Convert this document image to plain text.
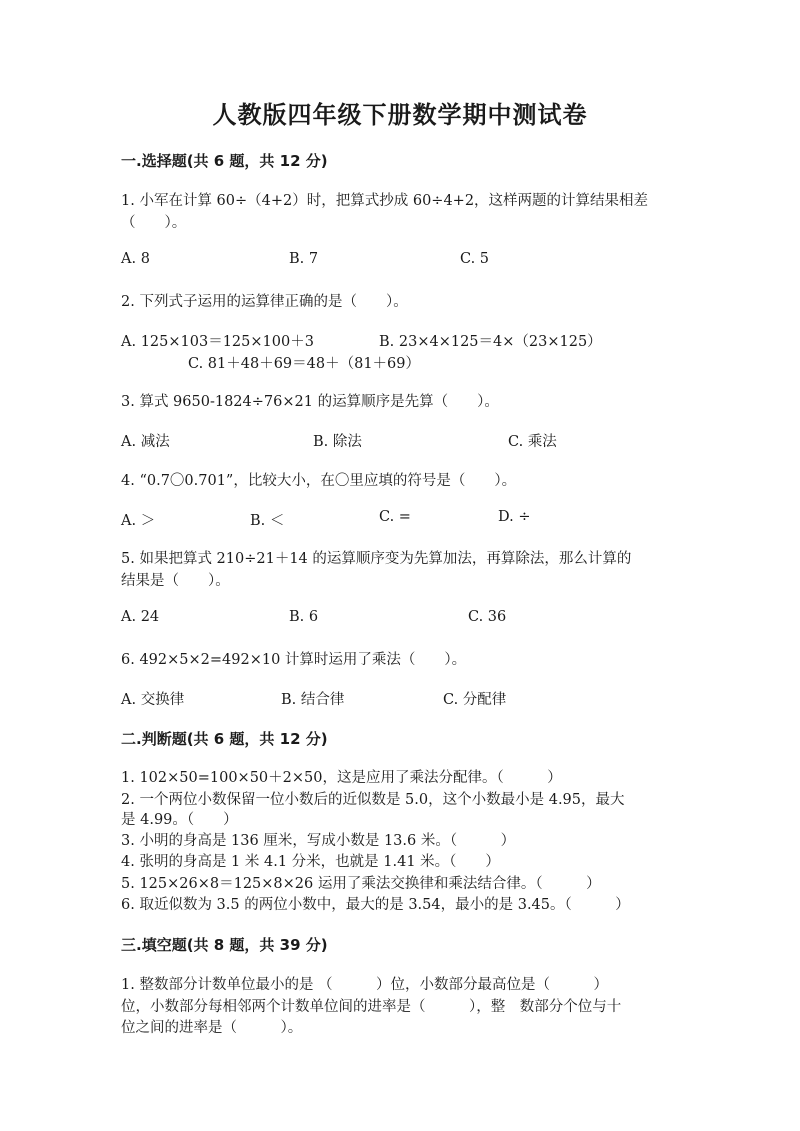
人教版四年级下册数学期中测试卷
一.选择题(共 6 题，共 12 分)
1. 小军在计算 60÷（4+2）时，把算式抄成 60÷4+2，这样两题的计算结果相差
（　　）。
A. 8	B. 7	C. 5
2. 下列式子运用的运算律正确的是（　　）。
A. 125×103＝125×100＋3	B. 23×4×125＝4×（23×125）
C. 81＋48＋69＝48＋（81＋69）
3. 算式 9650-1824÷76×21 的运算顺序是先算（　　）。
A. 减法	B. 除法	C. 乘法
4. “0.7〇0.701”，比较大小，在〇里应填的符号是（　　）。
A. ＞	B. ＜	C. =	D. ÷
5. 如果把算式 210÷21＋14 的运算顺序变为先算加法，再算除法，那么计算的
结果是（　　）。
A. 24	B. 6	C. 36
6. 492×5×2=492×10 计算时运用了乘法（　　）。
A. 交换律	B. 结合律	C. 分配律
二.判断题(共 6 题，共 12 分)
1. 102×50=100×50＋2×50，这是应用了乘法分配律。（　　　）
2. 一个两位小数保留一位小数后的近似数是 5.0，这个小数最小是 4.95，最大
是 4.99。（　　）
3. 小明的身高是 136 厘米，写成小数是 13.6 米。（　　　）
4. 张明的身高是 1 米 4.1 分米，也就是 1.41 米。（　　）
5. 125×26×8＝125×8×26 运用了乘法交换律和乘法结合律。（　　　）
6. 取近似数为 3.5 的两位小数中，最大的是 3.54，最小的是 3.45。（　　　）
三.填空题(共 8 题，共 39 分)
1. 整数部分计数单位最小的是 （　　　）位，小数部分最高位是（　　　）
位，小数部分每相邻两个计数单位间的进率是（　　　），整　数部分个位与十
位之间的进率是（　　　）。
